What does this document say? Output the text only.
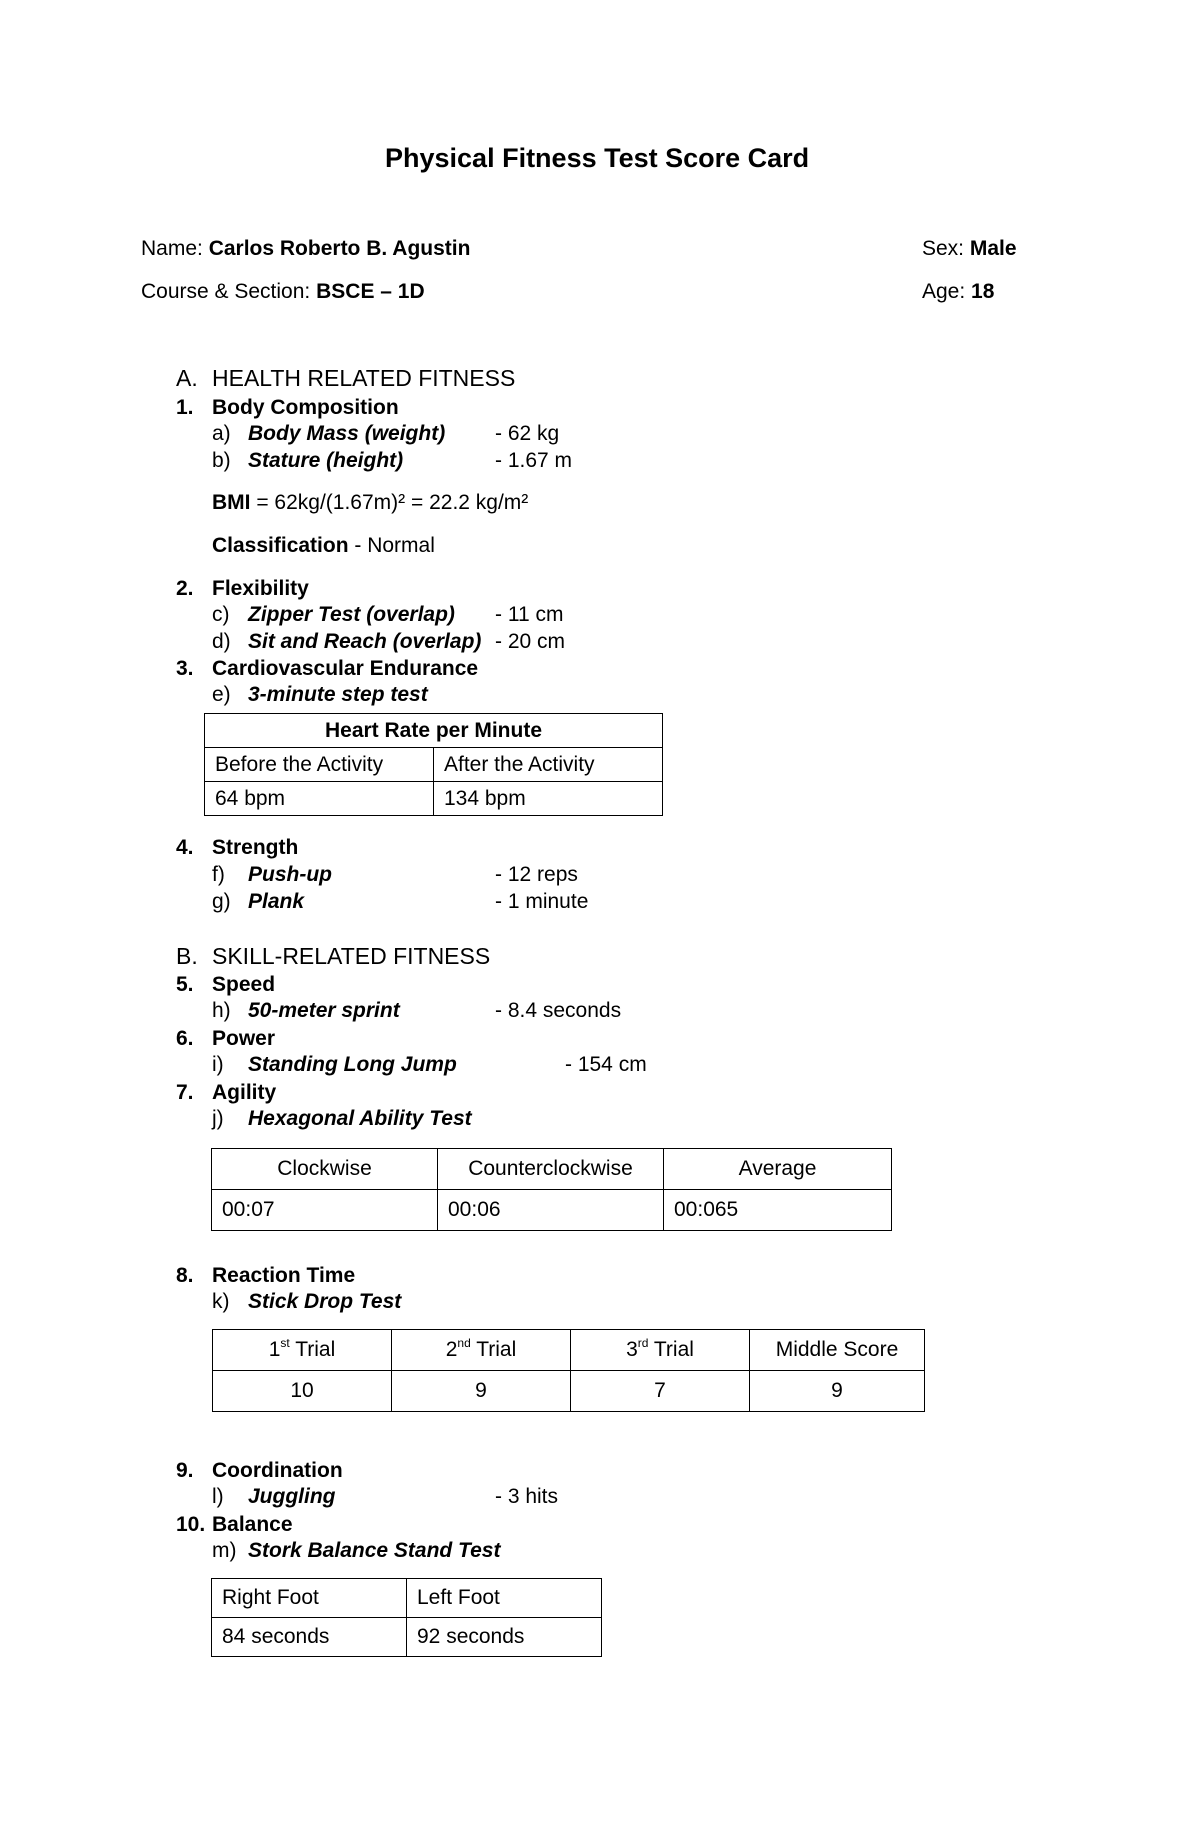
Physical Fitness Test Score Card
Name: Carlos Roberto B. Agustin	Sex: Male
Course & Section: BSCE – 1D	Age: 18
A. HEALTH RELATED FITNESS
1. Body Composition
a) Body Mass (weight) - 62 kg
b) Stature (height)	- 1.67 m
BMI = 62kg/(1.67m)² = 22.2 kg/m²
Classification - Normal
2. Flexibility
c) Zipper Test (overlap) - 11 cm
d) Sit and Reach (overlap) - 20 cm
3. Cardiovascular Endurance
e) 3-minute step test
Heart Rate per Minute	
Before the Activity	After the Activity
64 bpm	134 bpm
4. Strength
f) Push-up	- 12 reps
g) Plank	- 1 minute
B. SKILL-RELATED FITNESS
5. Speed
h) 50-meter sprint	- 8.4 seconds
6. Power
i) Standing Long Jump	- 154 cm
7. Agility
j) Hexagonal Ability Test
Clockwise	Counterclockwise	Average
00:07	00:06	00:065
8. Reaction Time
k) Stick Drop Test
1st Trial	2nd Trial	3rd Trial	Middle Score
10	9	7	9
9. Coordination
l) Juggling	- 3 hits
10. Balance
m) Stork Balance Stand Test
Right Foot	Left Foot
84 seconds	92 seconds
